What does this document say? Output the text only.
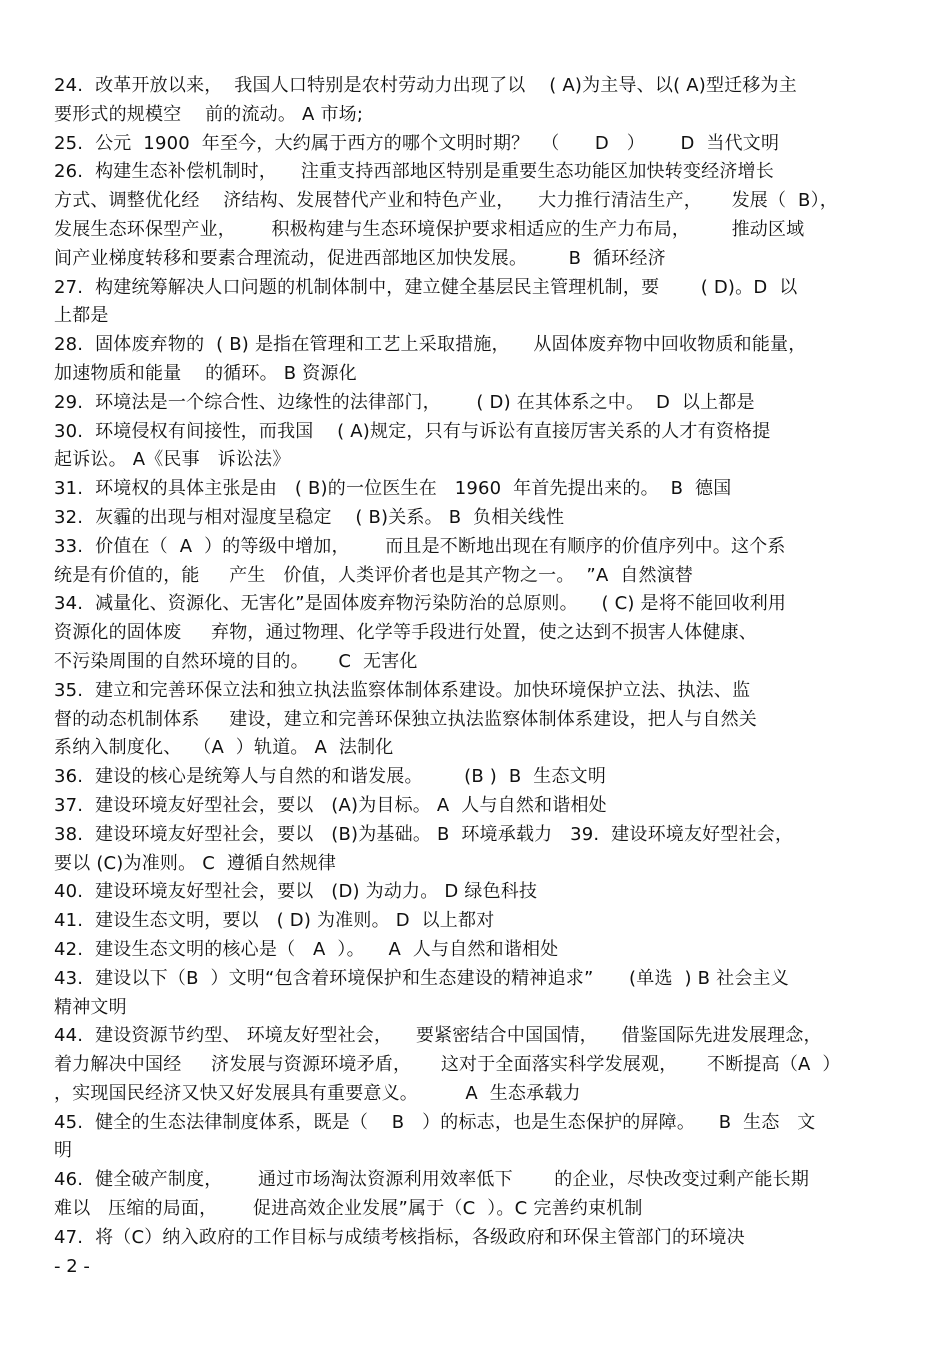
24.  改革开放以来，  我国人口特别是农村劳动力出现了以    ( A)为主导、以( A)型迁移为主
要形式的规模空    前的流动。 A 市场;
25.  公元  1900  年至今，大约属于西方的哪个文明时期？  （      D   ）      D  当代文明
26.  构建生态补偿机制时，    注重支持西部地区特别是重要生态功能区加快转变经济增长
方式、调整优化经    济结构、发展替代产业和特色产业，    大力推行清洁生产，     发展（  B），
发展生态环保型产业，      积极构建与生态环境保护要求相适应的生产力布局，       推动区域
间产业梯度转移和要素合理流动，促进西部地区加快发展。       B  循环经济
27.  构建统筹解决人口问题的机制体制中，建立健全基层民主管理机制，要       ( D)。D  以
上都是
28.  固体废弃物的  ( B) 是指在管理和工艺上采取措施，    从固体废弃物中回收物质和能量，
加速物质和能量    的循环。 B 资源化
29.  环境法是一个综合性、边缘性的法律部门，      ( D) 在其体系之中。  D  以上都是
30.  环境侵权有间接性，而我国    ( A)规定，只有与诉讼有直接厉害关系的人才有资格提
起诉讼。 A《民事   诉讼法》
31.  环境权的具体主张是由   ( B)的一位医生在   1960  年首先提出来的。  B  德国
32.  灰霾的出现与相对湿度呈稳定    ( B)关系。 B  负相关线性
33.  价值在（  A  ）的等级中增加，      而且是不断地出现在有顺序的价值序列中。这个系
统是有价值的，能     产生   价值，人类评价者也是其产物之一。  ”A  自然演替
34.  减量化、资源化、无害化”是固体废弃物污染防治的总原则。    ( C) 是将不能回收利用
资源化的固体废     弃物，通过物理、化学等手段进行处置，使之达到不损害人体健康、
不污染周围的自然环境的目的。     C  无害化
35.  建立和完善环保立法和独立执法监察体制体系建设。加快环境保护立法、执法、监
督的动态机制体系     建设，建立和完善环保独立执法监察体制体系建设，把人与自然关
系纳入制度化、  （A  ）轨道。 A  法制化
36.  建设的核心是统筹人与自然的和谐发展。       (B )  B  生态文明
37.  建设环境友好型社会，要以   (A)为目标。 A  人与自然和谐相处
38.  建设环境友好型社会，要以   (B)为基础。 B  环境承载力   39.  建设环境友好型社会，
要以 (C)为准则。 C  遵循自然规律
40.  建设环境友好型社会，要以   (D) 为动力。 D 绿色科技
41.  建设生态文明，要以   ( D) 为准则。 D  以上都对
42.  建设生态文明的核心是（   A  ）。    A  人与自然和谐相处
43.  建设以下（B  ）文明“包含着环境保护和生态建设的精神追求”      (单选  ) B 社会主义
精神文明
44.  建设资源节约型、 环境友好型社会，    要紧密结合中国国情，    借鉴国际先进发展理念，
着力解决中国经     济发展与资源环境矛盾，     这对于全面落实科学发展观，     不断提高（A  ）
，实现国民经济又快又好发展具有重要意义。        A  生态承载力
45.  健全的生态法律制度体系，既是（    B   ）的标志，也是生态保护的屏障。    B  生态   文
明
46.  健全破产制度，      通过市场淘汰资源利用效率低下       的企业，尽快改变过剩产能长期
难以   压缩的局面，      促进高效企业发展”属于（C  ）。C 完善约束机制
47.  将（C）纳入政府的工作目标与成绩考核指标，各级政府和环保主管部门的环境决
- 2 -
